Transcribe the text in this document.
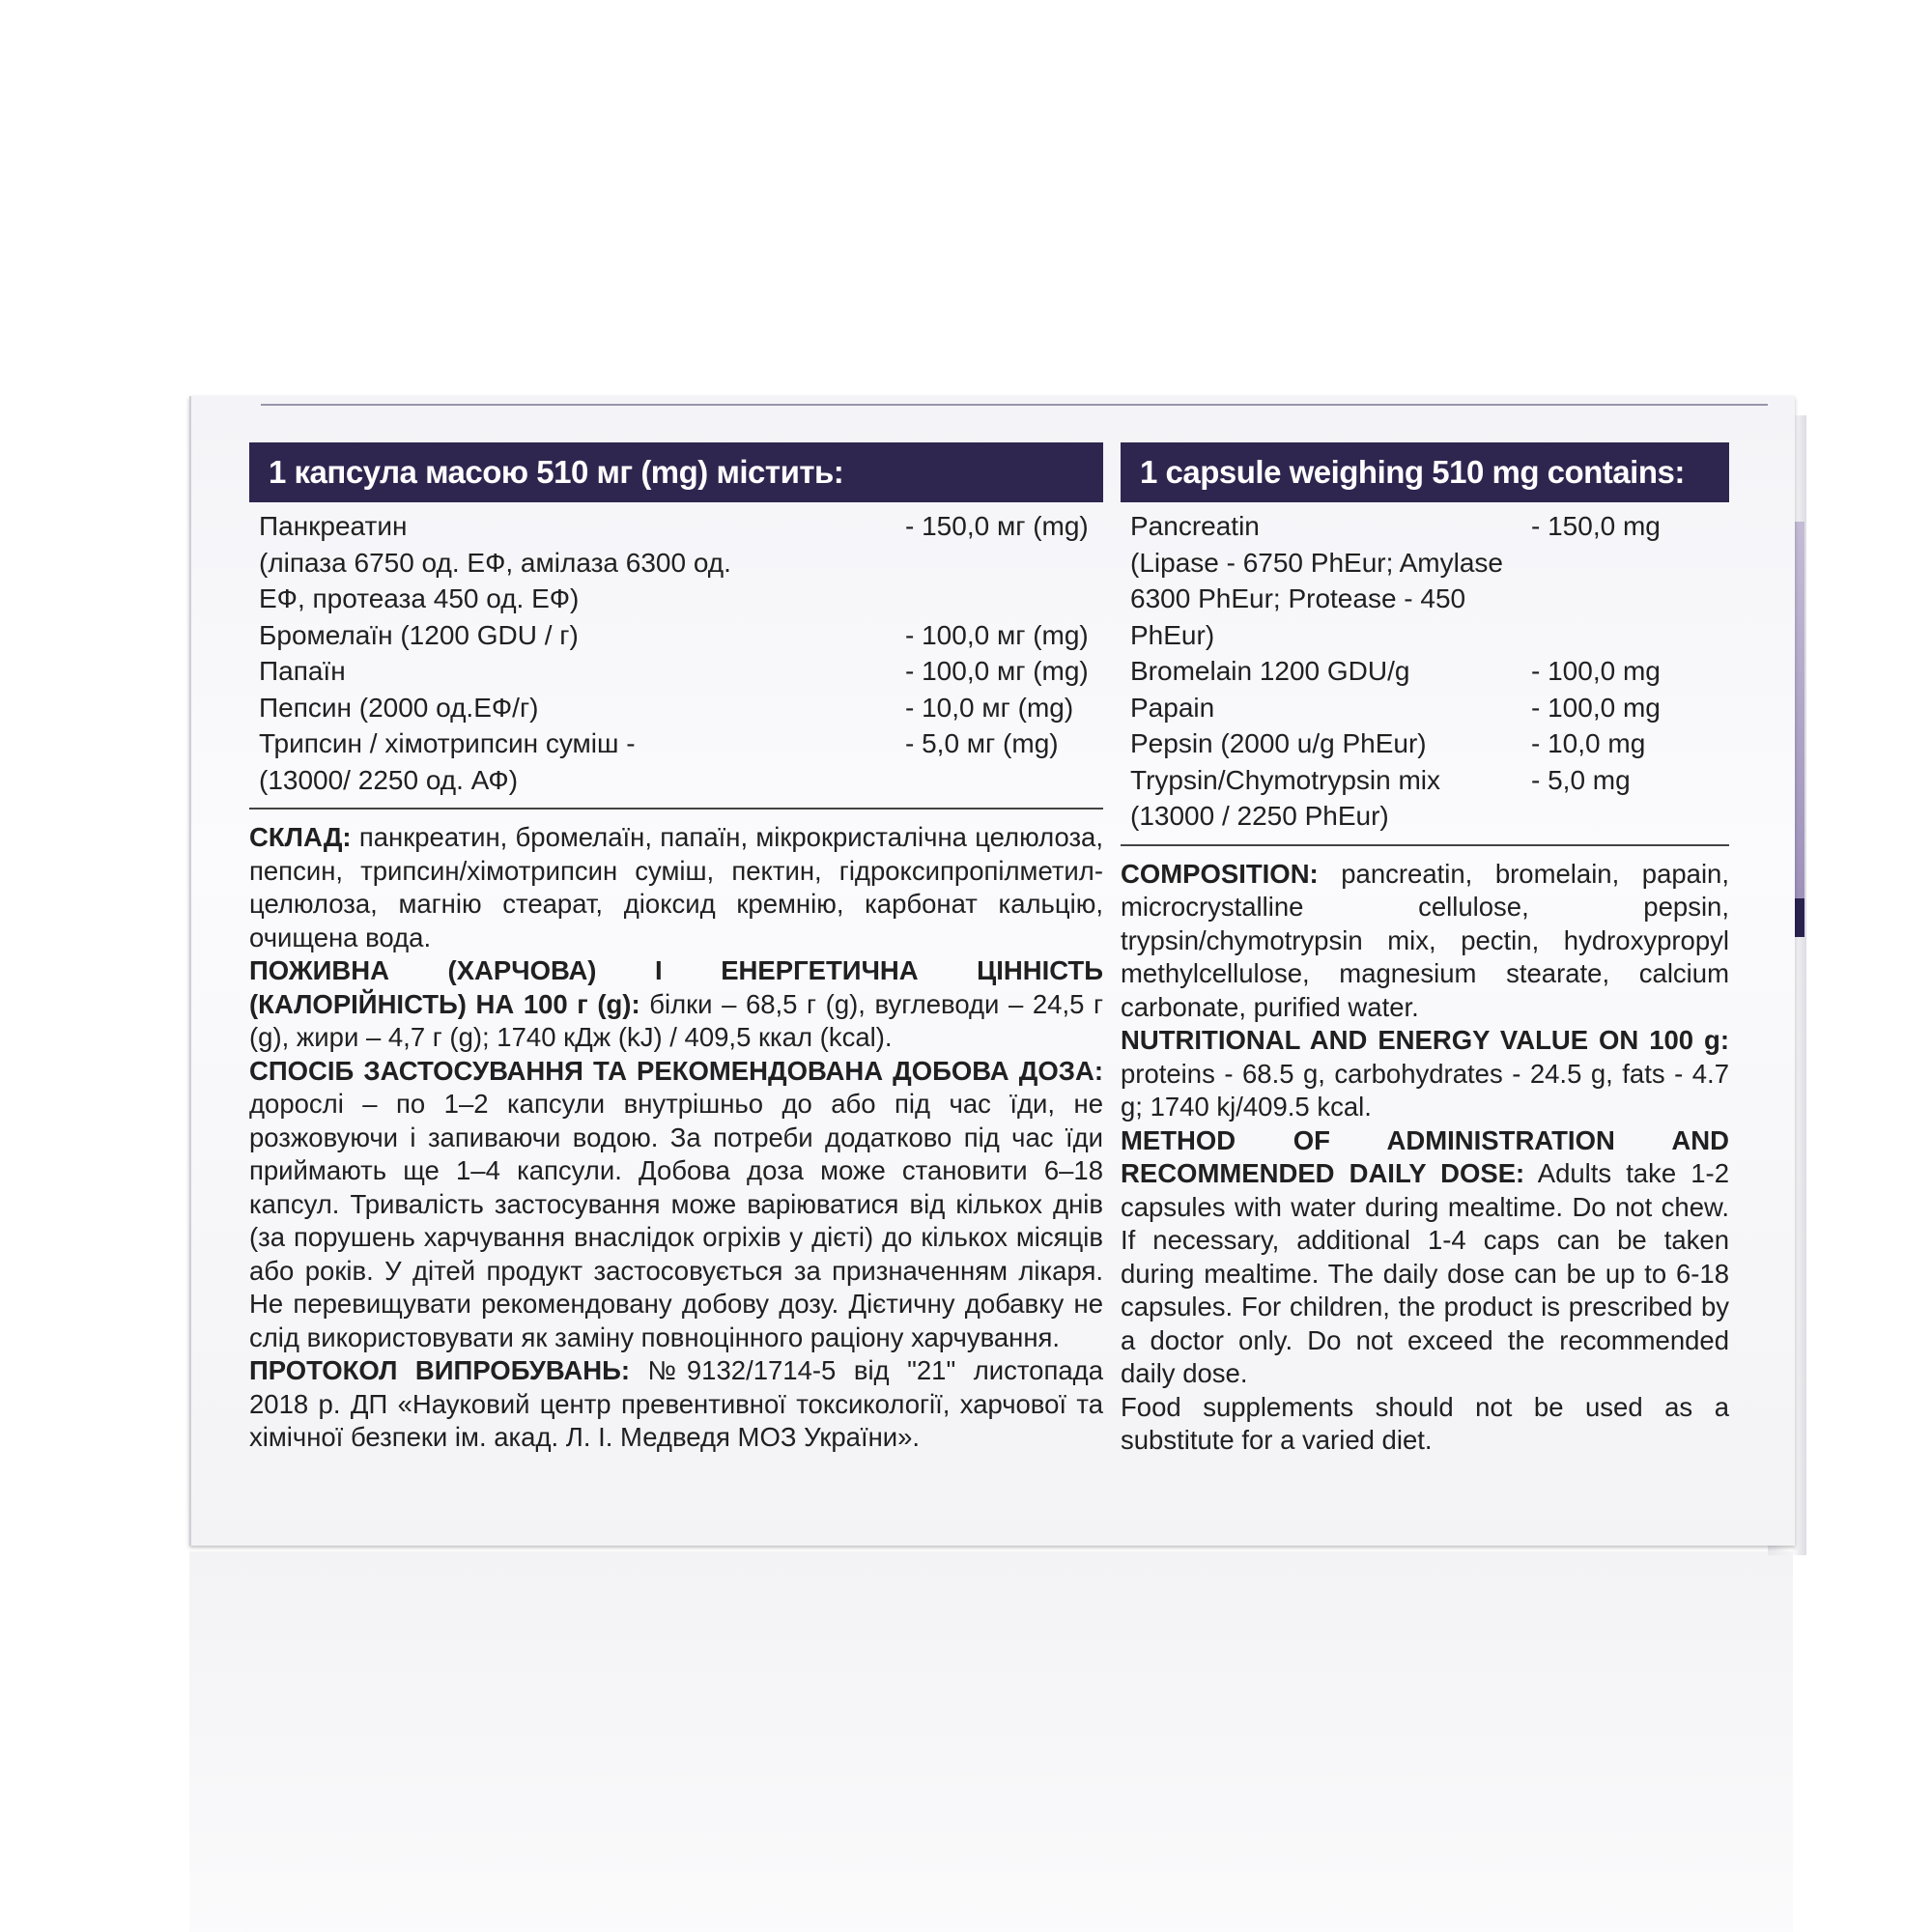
1 капсула масою 510 мг (mg) містить:
Панкреатин	- 150,0 мг (mg)
(ліпаза 6750 од. ЕФ, амілаза 6300 од.
ЕФ, протеаза 450 од. ЕФ)
Бромелаїн (1200 GDU / г)	- 100,0 мг (mg)
Папаїн	- 100,0 мг (mg)
Пепсин (2000 од.ЕФ/г)	- 10,0 мг (mg)
Трипсин / хімотрипсин суміш -	- 5,0 мг (mg)
(13000/ 2250 од. АФ)

СКЛАД: панкреатин, бромелаїн, папаїн, мікрокристалічна целюлоза, пепсин, трипсин/хімотрипсин суміш, пектин, гідроксипропілметил-целюлоза, магнію стеарат, діоксид кремнію, карбонат кальцію, очищена вода.

ПОЖИВНА (ХАРЧОВА) І ЕНЕРГЕТИЧНА ЦІННІСТЬ (КАЛОРІЙНІСТЬ) НА 100 г (g): білки – 68,5 г (g), вуглеводи – 24,5 г (g), жири – 4,7 г (g); 1740 кДж (kJ) / 409,5 ккал (kcal).

СПОСІБ ЗАСТОСУВАННЯ ТА РЕКОМЕНДОВАНА ДОБОВА ДОЗА: дорослі – по 1–2 капсули внутрішньо до або під час їди, не розжовуючи і запиваючи водою. За потреби додатково під час їди приймають ще 1–4 капсули. Добова доза може становити 6–18 капсул. Тривалість застосування може варіюватися від кількох днів (за порушень харчування внаслідок огріхів у дієті) до кількох місяців або років. У дітей продукт застосовується за призначенням лікаря. Не перевищувати рекомендовану добову дозу. Дієтичну добавку не слід використовувати як заміну повноцінного раціону харчування.

ПРОТОКОЛ ВИПРОБУВАНЬ: №9132/1714-5 від "21" листопада 2018 р. ДП «Науковий центр превентивної токсикології, харчової та хімічної безпеки ім. акад. Л. І. Медведя МОЗ України».

1 capsule weighing 510 mg contains:
Pancreatin	- 150,0 mg
(Lipase - 6750 PhEur; Amylase
6300 PhEur; Protease - 450 PhEur)
Bromelain 1200 GDU/g	- 100,0 mg
Papain	- 100,0 mg
Pepsin (2000 u/g PhEur)	- 10,0 mg
Trypsin/Chymotrypsin mix	- 5,0 mg
(13000 / 2250 PhEur)

COMPOSITION: pancreatin, bromelain, papain, microcrystalline cellulose, pepsin, trypsin/chymotrypsin mix, pectin, hydroxypropyl methylcellulose, magnesium stearate, calcium carbonate, purified water.

NUTRITIONAL AND ENERGY VALUE ON 100 g: proteins - 68.5 g, carbohydrates - 24.5 g, fats - 4.7 g; 1740 kj/409.5 kcal.

METHOD OF ADMINISTRATION AND RECOMMENDED DAILY DOSE: Adults take 1-2 capsules with water during mealtime. Do not chew. If necessary, additional 1-4 caps can be taken during mealtime. The daily dose can be up to 6-18 capsules. For children, the product is prescribed by a doctor only. Do not exceed the recommended daily dose.

Food supplements should not be used as a substitute for a varied diet.
